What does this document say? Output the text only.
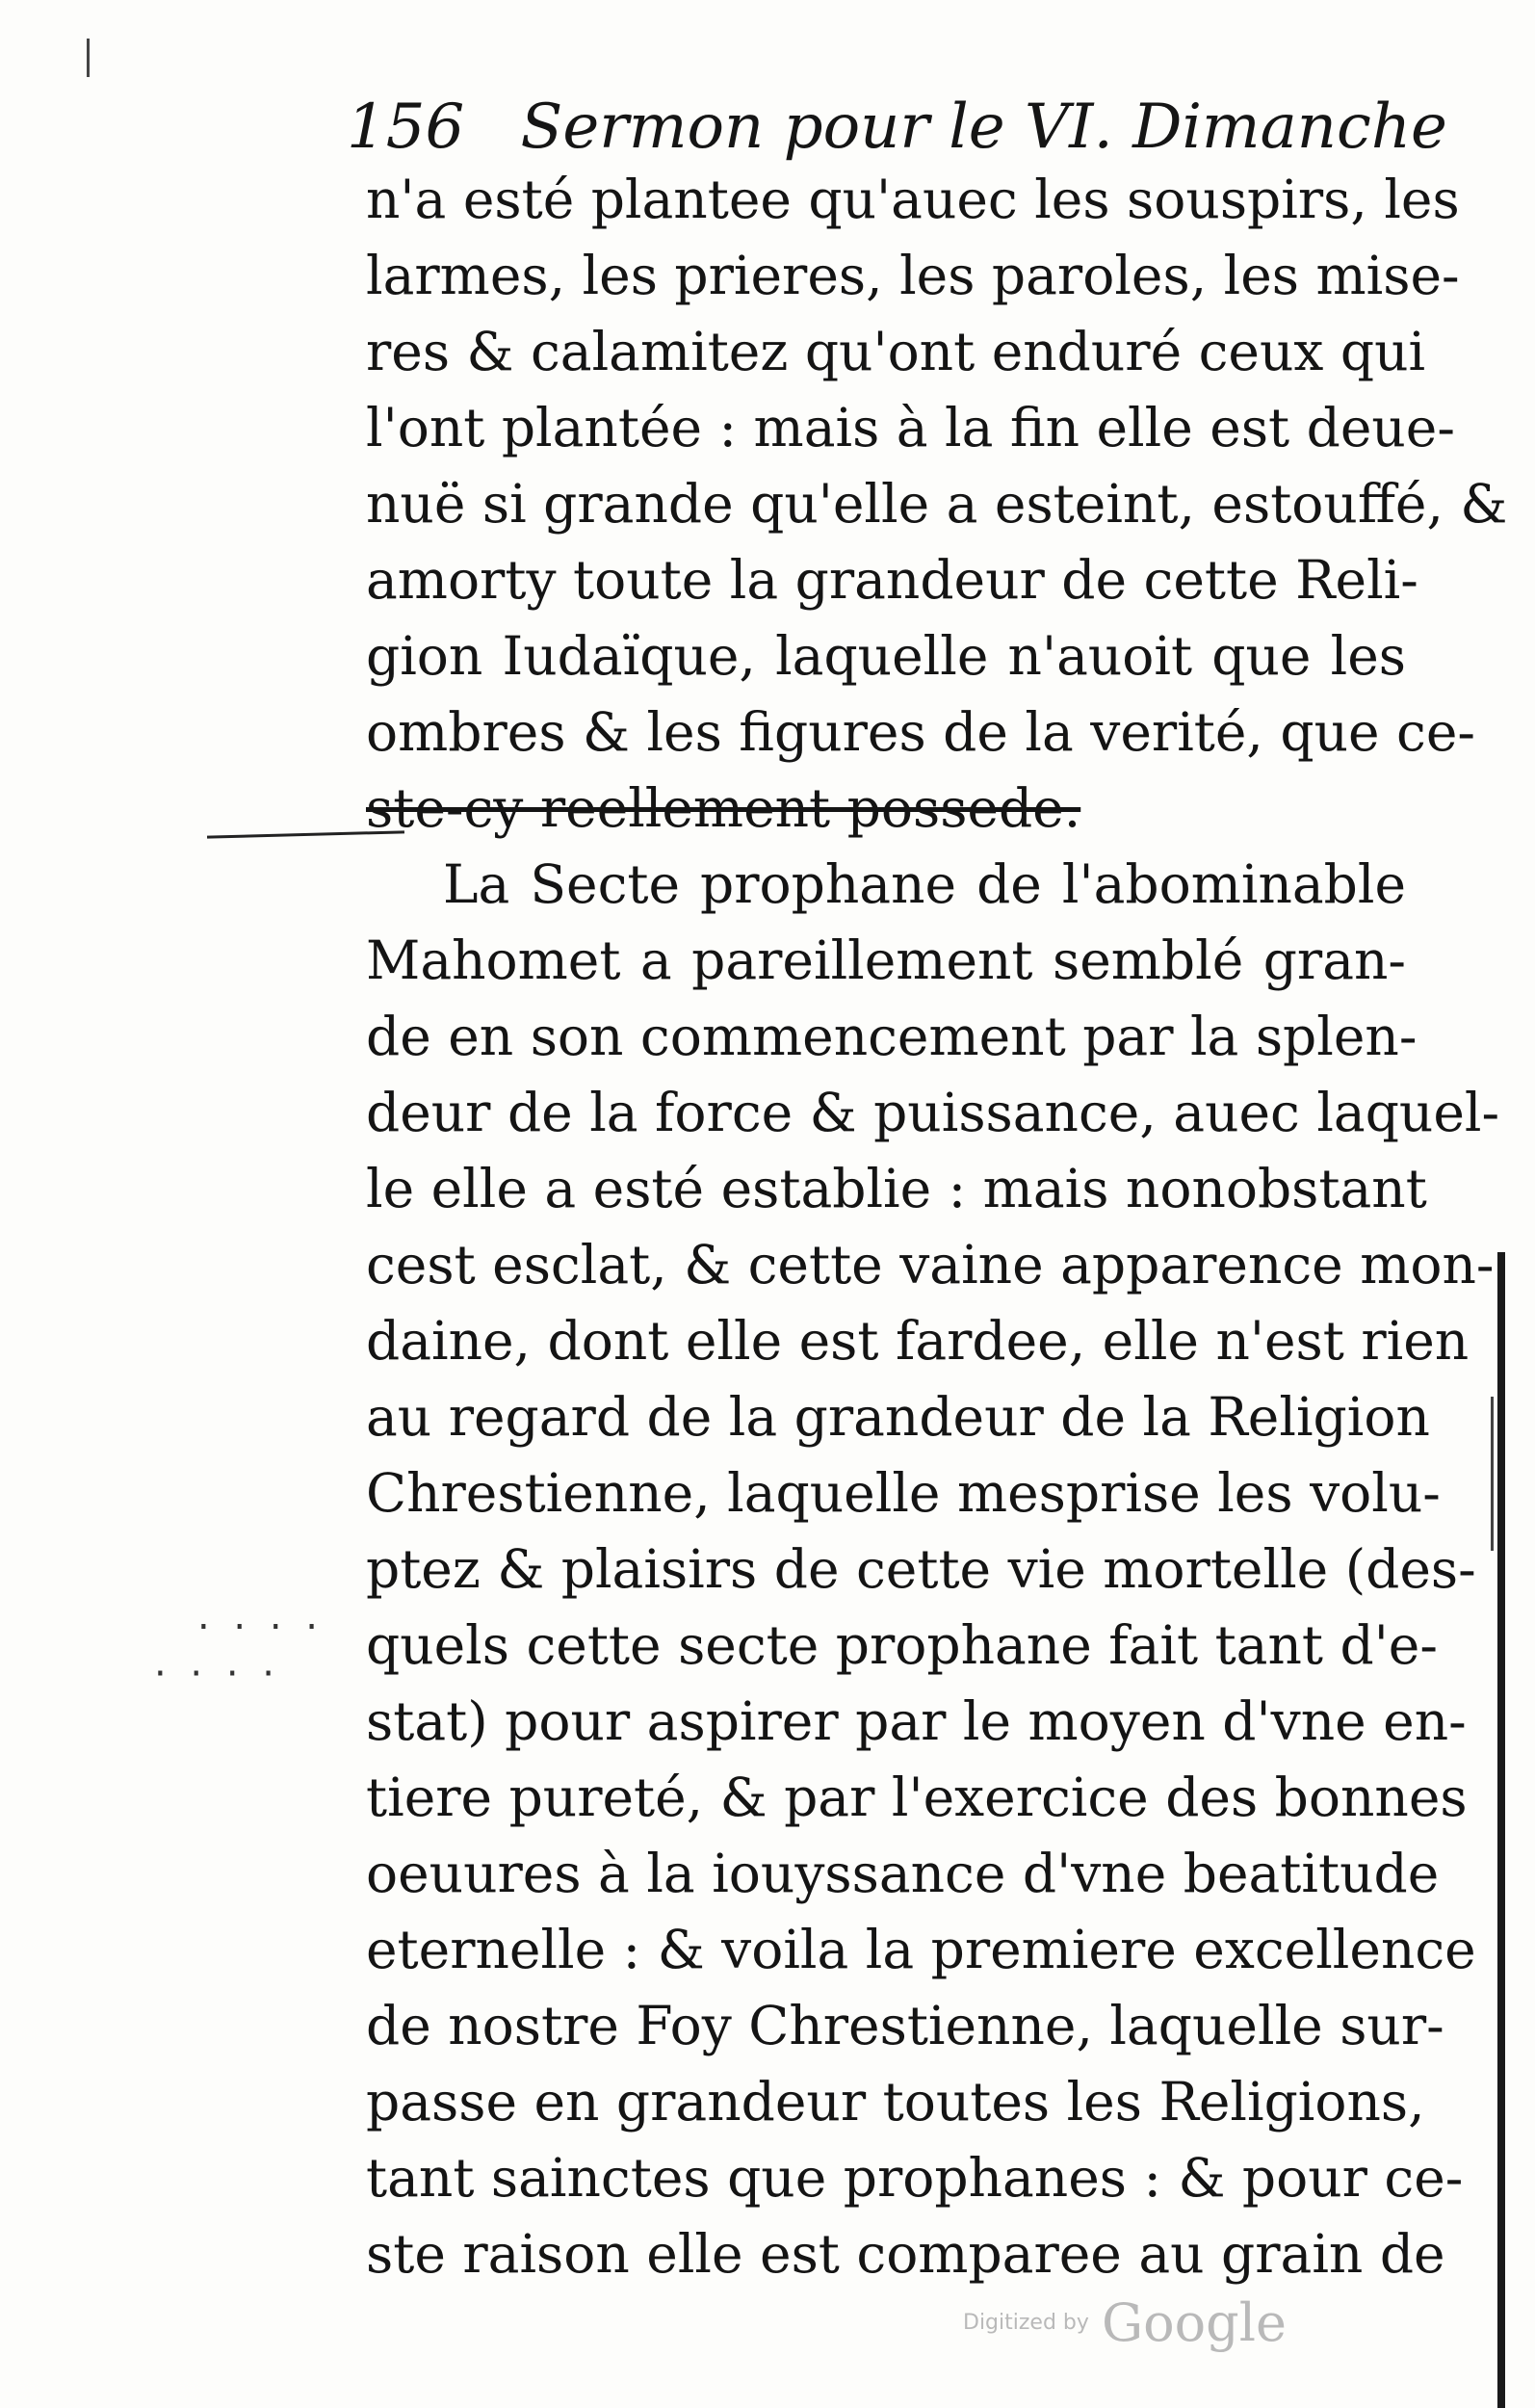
156 Sermon pour le VI. Dimanche
n'a esté plantee qu'auec les souspirs, les
larmes, les prieres, les paroles, les mise-
res & calamitez qu'ont enduré ceux qui
l'ont plantée : mais à la fin elle est deue-
nuë si grande qu'elle a esteint, estouffé, &
amorty toute la grandeur de cette Reli-
gion Iudaïque, laquelle n'auoit que les
ombres & les figures de la verité, que ce-
ste-cy reellement possede.
La Secte prophane de l'abominable
Mahomet a pareillement semblé gran-
de en son commencement par la splen-
deur de la force & puissance, auec laquel-
le elle a esté establie : mais nonobstant
cest esclat, & cette vaine apparence mon-
daine, dont elle est fardee, elle n'est rien
au regard de la grandeur de la Religion
Chrestienne, laquelle mesprise les volu-
ptez & plaisirs de cette vie mortelle (des-
quels cette secte prophane fait tant d'e-
stat) pour aspirer par le moyen d'vne en-
tiere pureté, & par l'exercice des bonnes
oeuures à la iouyssance d'vne beatitude
eternelle : & voila la premiere excellence
de nostre Foy Chrestienne, laquelle sur-
passe en grandeur toutes les Religions,
tant sainctes que prophanes : & pour ce-
ste raison elle est comparee au grain de
. . . .
· · · ·
Digitized by Google
